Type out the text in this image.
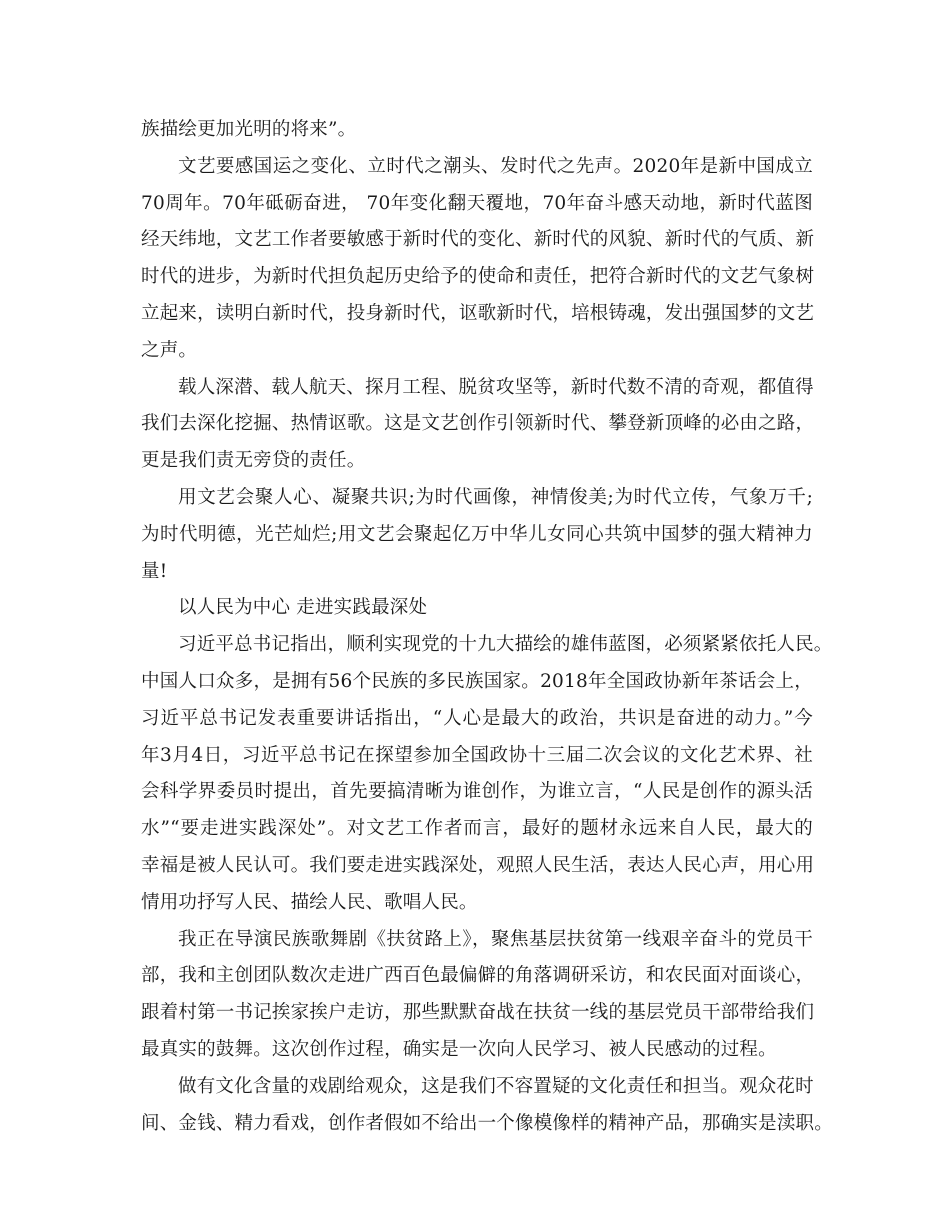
族描绘更加光明的将来”。
文艺要感国运之变化、立时代之潮头、发时代之先声。2020年是新中国成立
70周年。70年砥砺奋进， 70年变化翻天覆地，70年奋斗感天动地，新时代蓝图
经天纬地，文艺工作者要敏感于新时代的变化、新时代的风貌、新时代的气质、新
时代的进步，为新时代担负起历史给予的使命和责任，把符合新时代的文艺气象树
立起来，读明白新时代，投身新时代，讴歌新时代，培根铸魂，发出强国梦的文艺
之声。
载人深潜、载人航天、探月工程、脱贫攻坚等，新时代数不清的奇观，都值得
我们去深化挖掘、热情讴歌。这是文艺创作引领新时代、攀登新顶峰的必由之路，
更是我们责无旁贷的责任。
用文艺会聚人心、凝聚共识;为时代画像，神情俊美;为时代立传，气象万千;
为时代明德，光芒灿烂;用文艺会聚起亿万中华儿女同心共筑中国梦的强大精神力
量!
以人民为中心 走进实践最深处
习近平总书记指出，顺利实现党的十九大描绘的雄伟蓝图，必须紧紧依托人民。
中国人口众多，是拥有56个民族的多民族国家。2018年全国政协新年茶话会上，
习近平总书记发表重要讲话指出，“人心是最大的政治，共识是奋进的动力。”今
年3月4日，习近平总书记在探望参加全国政协十三届二次会议的文化艺术界、社
会科学界委员时提出，首先要搞清晰为谁创作，为谁立言，“人民是创作的源头活
水”“要走进实践深处”。对文艺工作者而言，最好的题材永远来自人民，最大的
幸福是被人民认可。我们要走进实践深处，观照人民生活，表达人民心声，用心用
情用功抒写人民、描绘人民、歌唱人民。
我正在导演民族歌舞剧《扶贫路上》，聚焦基层扶贫第一线艰辛奋斗的党员干
部，我和主创团队数次走进广西百色最偏僻的角落调研采访，和农民面对面谈心，
跟着村第一书记挨家挨户走访，那些默默奋战在扶贫一线的基层党员干部带给我们
最真实的鼓舞。这次创作过程，确实是一次向人民学习、被人民感动的过程。
做有文化含量的戏剧给观众，这是我们不容置疑的文化责任和担当。观众花时
间、金钱、精力看戏，创作者假如不给出一个像模像样的精神产品，那确实是渎职。
